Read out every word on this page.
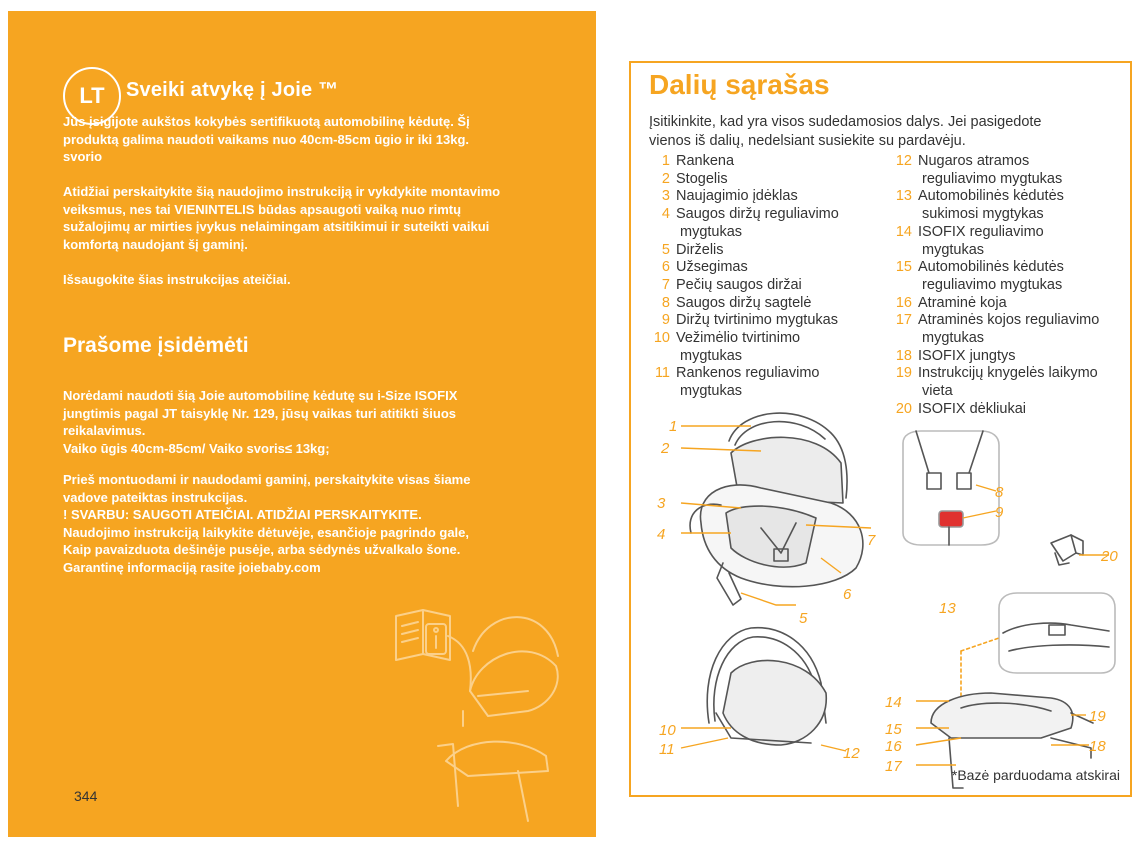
LT	Sveiki atvykę į Joie ™

Jūs įsigijote aukštos kokybės sertifikuotą automobilinę kėdutę. Šį
produktą galima naudoti vaikams nuo 40cm-85cm ūgio ir iki 13kg.
svorio

Atidžiai perskaitykite šią naudojimo instrukciją ir vykdykite montavimo
veiksmus, nes tai VIENINTELIS būdas apsaugoti vaiką nuo rimtų
sužalojimų ar mirties įvykus nelaimingam atsitikimui ir suteikti vaikui
komfortą naudojant šį gaminį.

Išsaugokite šias instrukcijas ateičiai.

Prašome įsidėmėti

Norėdami naudoti šią Joie automobilinę kėdutę su i-Size ISOFIX
jungtimis pagal JT taisyklę Nr. 129, jūsų vaikas turi atitikti šiuos
reikalavimus.
Vaiko ūgis 40cm-85cm/ Vaiko svoris≤ 13kg;

Prieš montuodami ir naudodami gaminį, perskaitykite visas šiame
vadove pateiktas instrukcijas.
! SVARBU: SAUGOTI ATEIČIAI. ATIDŽIAI PERSKAITYKITE.
Naudojimo instrukciją laikykite dėtuvėje, esančioje pagrindo gale,
Kaip pavaizduota dešinėje pusėje, arba sėdynės užvalkalo šone.
Garantinę informaciją rasite joiebaby.com

344
Dalių sąrašas
Įsitikinkite, kad yra visos sudedamosios dalys. Jei pasigedote
vienos iš dalių, nedelsiant susiekite su pardavėju.
1 Rankena
2 Stogelis
3 Naujagimio įdėklas
4 Saugos diržų reguliavimo
mygtukas
5 Dirželis
6 Užsegimas
7 Pečių saugos diržai
8 Saugos diržų sagtelė
9 Diržų tvirtinimo mygtukas
10 Vežimėlio tvirtinimo
mygtukas
11 Rankenos reguliavimo
mygtukas
12 Nugaros atramos
reguliavimo mygtukas
13 Automobilinės kėdutės
sukimosi mygtykas
14 ISOFIX reguliavimo
mygtukas
15 Automobilinės kėdutės
reguliavimo mygtukas
16 Atraminė koja
17 Atraminės kojos reguliavimo
mygtukas
18 ISOFIX jungtys
19 Instrukcijų knygelės laikymo
vieta
20 ISOFIX dėkliukai
1
2
3
4
5
6
7
8
9
10
11	12
13
14
15
16
17
18
19
20
*Bazė parduodama atskirai
